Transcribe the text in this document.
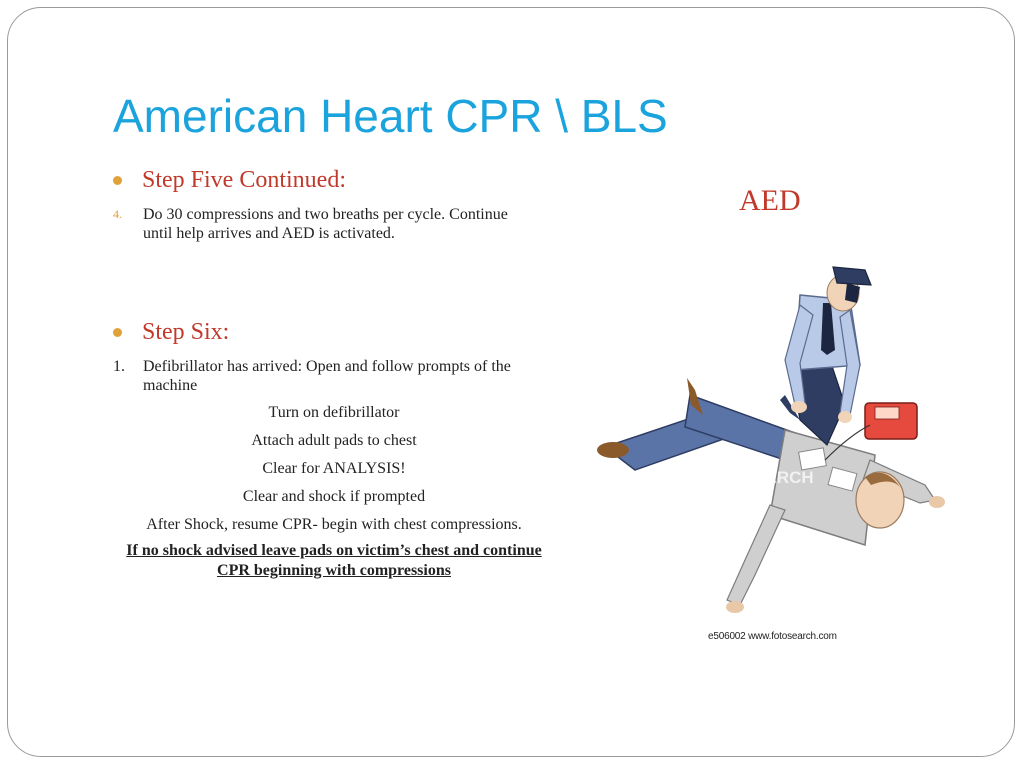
American Heart CPR \ BLS
Step Five Continued:
4.	Do 30 compressions and two breaths per cycle. Continue until help arrives and AED is activated.
Step Six:
1.	Defibrillator has arrived: Open and follow prompts of the machine
Turn on defibrillator
Attach adult pads to chest
Clear for ANALYSIS!
Clear and shock if prompted
After Shock, resume CPR- begin with chest compressions.
If no shock advised leave pads on victim’s chest and continue CPR beginning with compressions
AED
FOTOSEARCH
e506002 www.fotosearch.com
